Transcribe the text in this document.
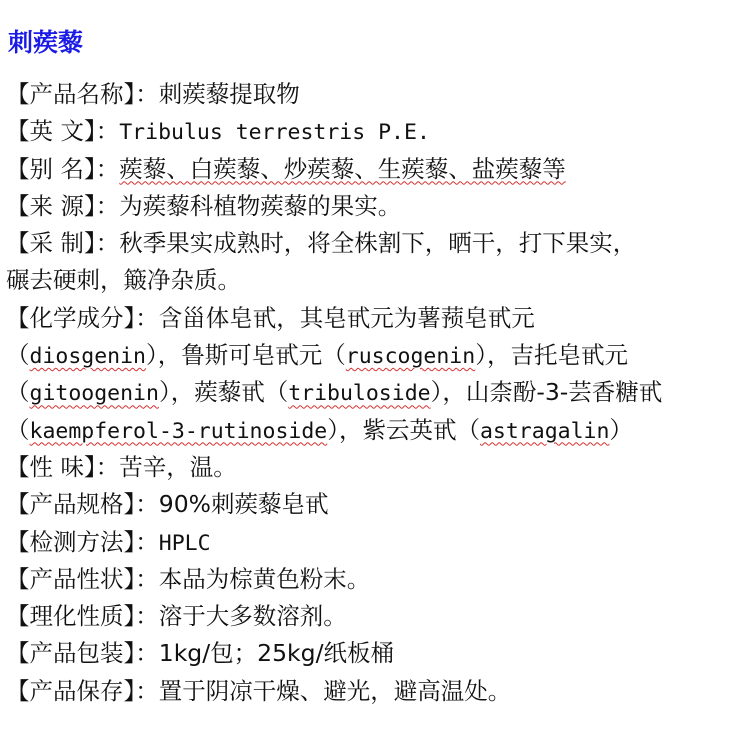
刺蒺藜
【产品名称】：刺蒺藜提取物
【英 文】：Tribulus terrestris P.E.
【别 名】：蒺藜、白蒺藜、炒蒺藜、生蒺藜、盐蒺藜等
【来 源】：为蒺藜科植物蒺藜的果实。
【采 制】：秋季果实成熟时，将全株割下，晒干，打下果实，
碾去硬刺，簸净杂质。
【化学成分】：含甾体皂甙，其皂甙元为薯蓣皂甙元
（diosgenin），鲁斯可皂甙元（ruscogenin），吉托皂甙元
（gitoogenin），蒺藜甙（tribuloside），山柰酚-3-芸香糖甙
（kaempferol-3-rutinoside），紫云英甙（astragalin）
【性 味】：苦辛，温。
【产品规格】：90%刺蒺藜皂甙
【检测方法】：HPLC
【产品性状】：本品为棕黄色粉末。
【理化性质】：溶于大多数溶剂。
【产品包装】：1kg/包；25kg/纸板桶
【产品保存】：置于阴凉干燥、避光，避高温处。
